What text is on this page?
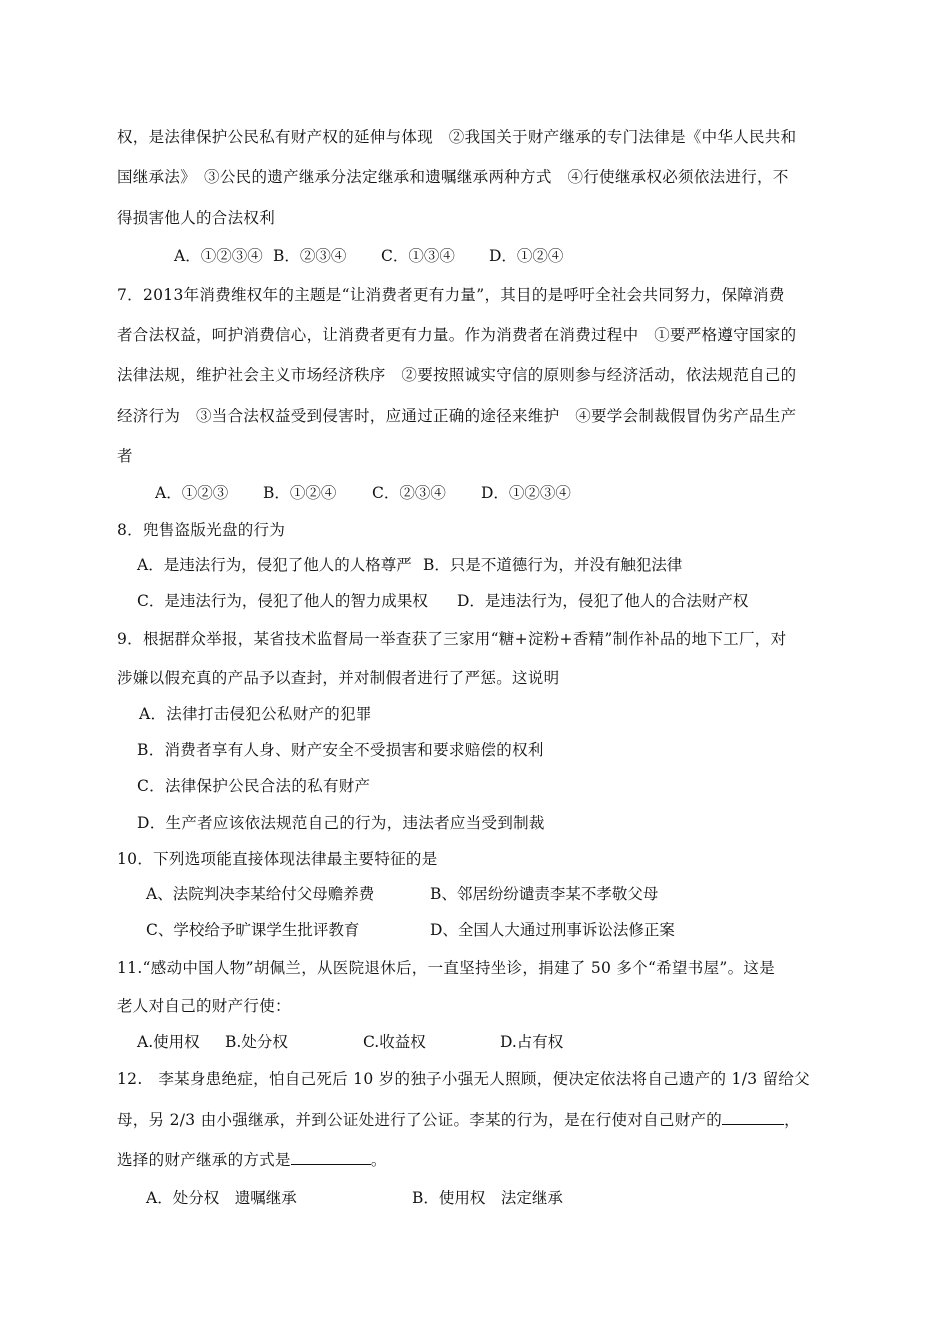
权，是法律保护公民私有财产权的延伸与体现　②我国关于财产继承的专门法律是《中华人民共和
国继承法》　③公民的遗产继承分法定继承和遗嘱继承两种方式　④行使继承权必须依法进行，不
得损害他人的合法权利
A．①②③④ B．②③④ C．①③④ D．①②④
7．2013年消费维权年的主题是“让消费者更有力量”，其目的是呼吁全社会共同努力，保障消费
者合法权益，呵护消费信心，让消费者更有力量。作为消费者在消费过程中　①要严格遵守国家的
法律法规，维护社会主义市场经济秩序　②要按照诚实守信的原则参与经济活动，依法规范自己的
经济行为　③当合法权益受到侵害时，应通过正确的途径来维护　④要学会制裁假冒伪劣产品生产
者
A．①②③ B．①②④ C．②③④ D．①②③④
8．兜售盗版光盘的行为
A．是违法行为，侵犯了他人的人格尊严 B．只是不道德行为，并没有触犯法律
C．是违法行为，侵犯了他人的智力成果权 D．是违法行为，侵犯了他人的合法财产权
9．根据群众举报，某省技术监督局一举查获了三家用“糖+淀粉+香精”制作补品的地下工厂，对
涉嫌以假充真的产品予以查封，并对制假者进行了严惩。这说明
A．法律打击侵犯公私财产的犯罪
B．消费者享有人身、财产安全不受损害和要求赔偿的权利
C．法律保护公民合法的私有财产
D．生产者应该依法规范自己的行为，违法者应当受到制裁
10．下列选项能直接体现法律最主要特征的是
A、法院判决李某给付父母赡养费	B、邻居纷纷谴责李某不孝敬父母
C、学校给予旷课学生批评教育	D、全国人大通过刑事诉讼法修正案
11.“感动中国人物”胡佩兰，从医院退休后，一直坚持坐诊，捐建了 50 多个“希望书屋”。这是
老人对自己的财产行使：
A.使用权 B.处分权	C.收益权	D.占有权
12.　李某身患绝症，怕自己死后 10 岁的独子小强无人照顾，便决定依法将自己遗产的 1/3 留给父
母，另 2/3 由小强继承，并到公证处进行了公证。李某的行为，是在行使对自己财产的	，
选择的财产继承的方式是	。
A．处分权　遗嘱继承	B．使用权　法定继承
